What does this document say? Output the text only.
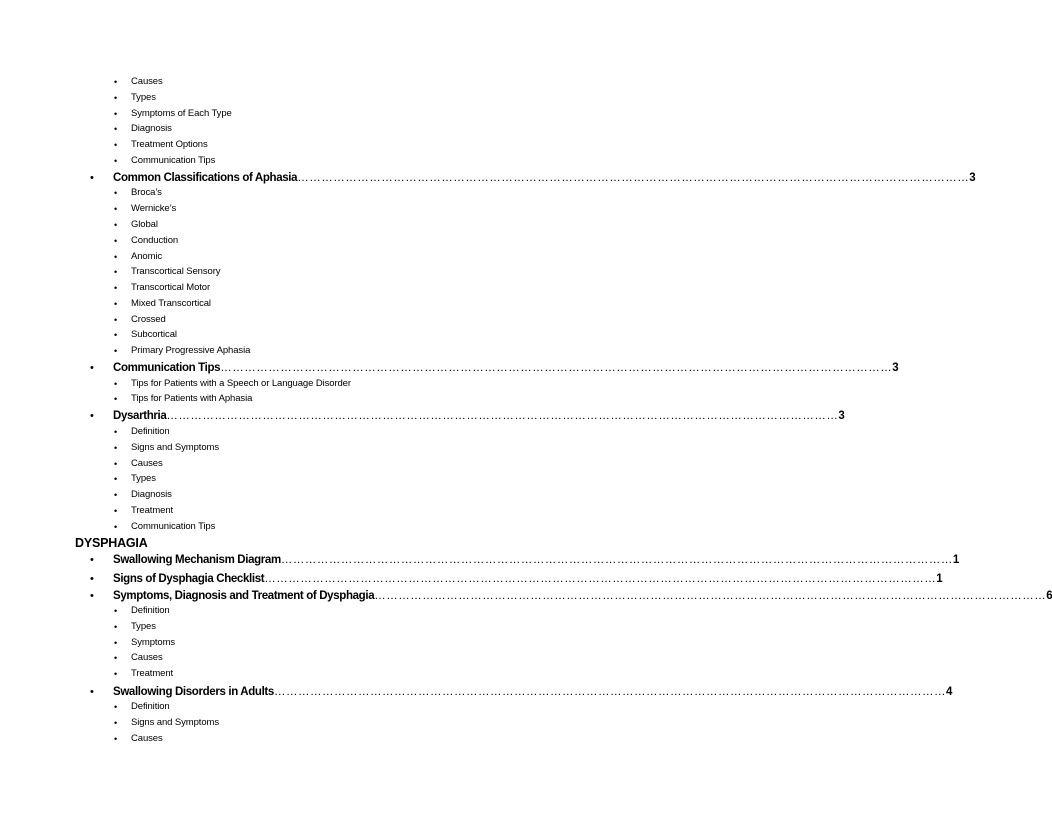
• Causes
• Types
• Symptoms of Each Type
• Diagnosis
• Treatment Options
• Communication Tips
• Common Classifications of Aphasia …………………………………………………………………………………………………………………………………………………… 3
• Broca’s
• Wernicke’s
• Global
• Conduction
• Anomic
• Transcortical Sensory
• Transcortical Motor
• Mixed Transcortical
• Crossed
• Subcortical
• Primary Progressive Aphasia
• Communication Tips …………………………………………………………………………………………………………………………………………………… 3
• Tips for Patients with a Speech or Language Disorder
• Tips for Patients with Aphasia
• Dysarthria …………………………………………………………………………………………………………………………………………………… 3
• Definition
• Signs and Symptoms
• Causes
• Types
• Diagnosis
• Treatment
• Communication Tips
DYSPHAGIA
• Swallowing Mechanism Diagram …………………………………………………………………………………………………………………………………………………… 1
• Signs of Dysphagia Checklist …………………………………………………………………………………………………………………………………………………… 1
• Symptoms, Diagnosis and Treatment of Dysphagia …………………………………………………………………………………………………………………………………………………… 6
• Definition
• Types
• Symptoms
• Causes
• Treatment
• Swallowing Disorders in Adults …………………………………………………………………………………………………………………………………………………… 4
• Definition
• Signs and Symptoms
• Causes
